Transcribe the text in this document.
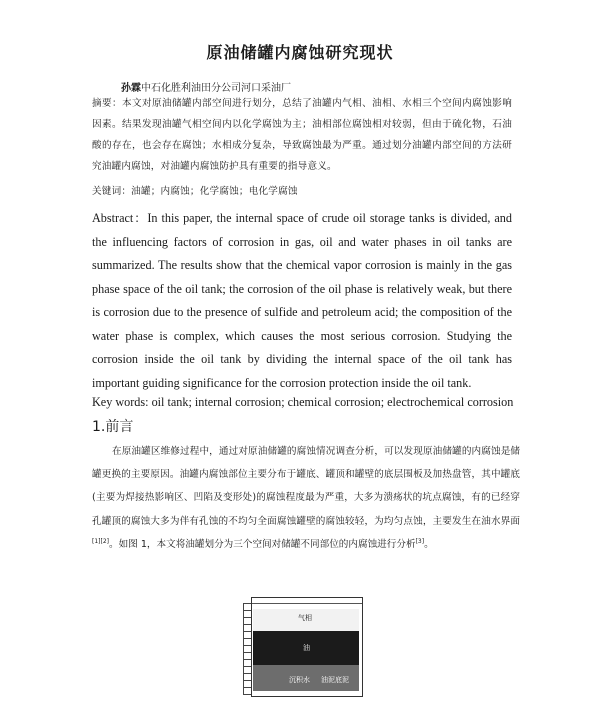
原油储罐内腐蚀研究现状
孙霖中石化胜利油田分公司河口采油厂
摘要：本文对原油储罐内部空间进行划分，总结了油罐内气相、油相、水相三个空间内腐蚀影响因素。结果发现油罐气相空间内以化学腐蚀为主；油相部位腐蚀相对较弱，但由于硫化物，石油酸的存在，也会存在腐蚀；水相成分复杂，导致腐蚀最为严重。通过划分油罐内部空间的方法研究油罐内腐蚀，对油罐内腐蚀防护具有重要的指导意义。
关键词：油罐；内腐蚀；化学腐蚀；电化学腐蚀
Abstract：In this paper, the internal space of crude oil storage tanks is divided, and the influencing factors of corrosion in gas, oil and water phases in oil tanks are summarized. The results show that the chemical vapor corrosion is mainly in the gas phase space of the oil tank; the corrosion of the oil phase is relatively weak, but there is corrosion due to the presence of sulfide and petroleum acid; the composition of the water phase is complex, which causes the most serious corrosion. Studying the corrosion inside the oil tank by dividing the internal space of the oil tank has important guiding significance for the corrosion protection inside the oil tank.
Key words: oil tank; internal corrosion; chemical corrosion; electrochemical corrosion
1.前言
在原油罐区维修过程中，通过对原油储罐的腐蚀情况调查分析，可以发现原油储罐的内腐蚀是储罐更换的主要原因。油罐内腐蚀部位主要分布于罐底、罐顶和罐壁的底层围板及加热盘管，其中罐底(主要为焊接热影响区、凹陷及变形处)的腐蚀程度最为严重，大多为溃疡状的坑点腐蚀，有的已经穿孔罐顶的腐蚀大多为伴有孔蚀的不均匀全面腐蚀罐壁的腐蚀较轻，为均匀点蚀，主要发生在油水界面[1][2]。如图 1，本文将油罐划分为三个空间对储罐不同部位的内腐蚀进行分析[3]。
气相
油
沉积水 油泥底泥
